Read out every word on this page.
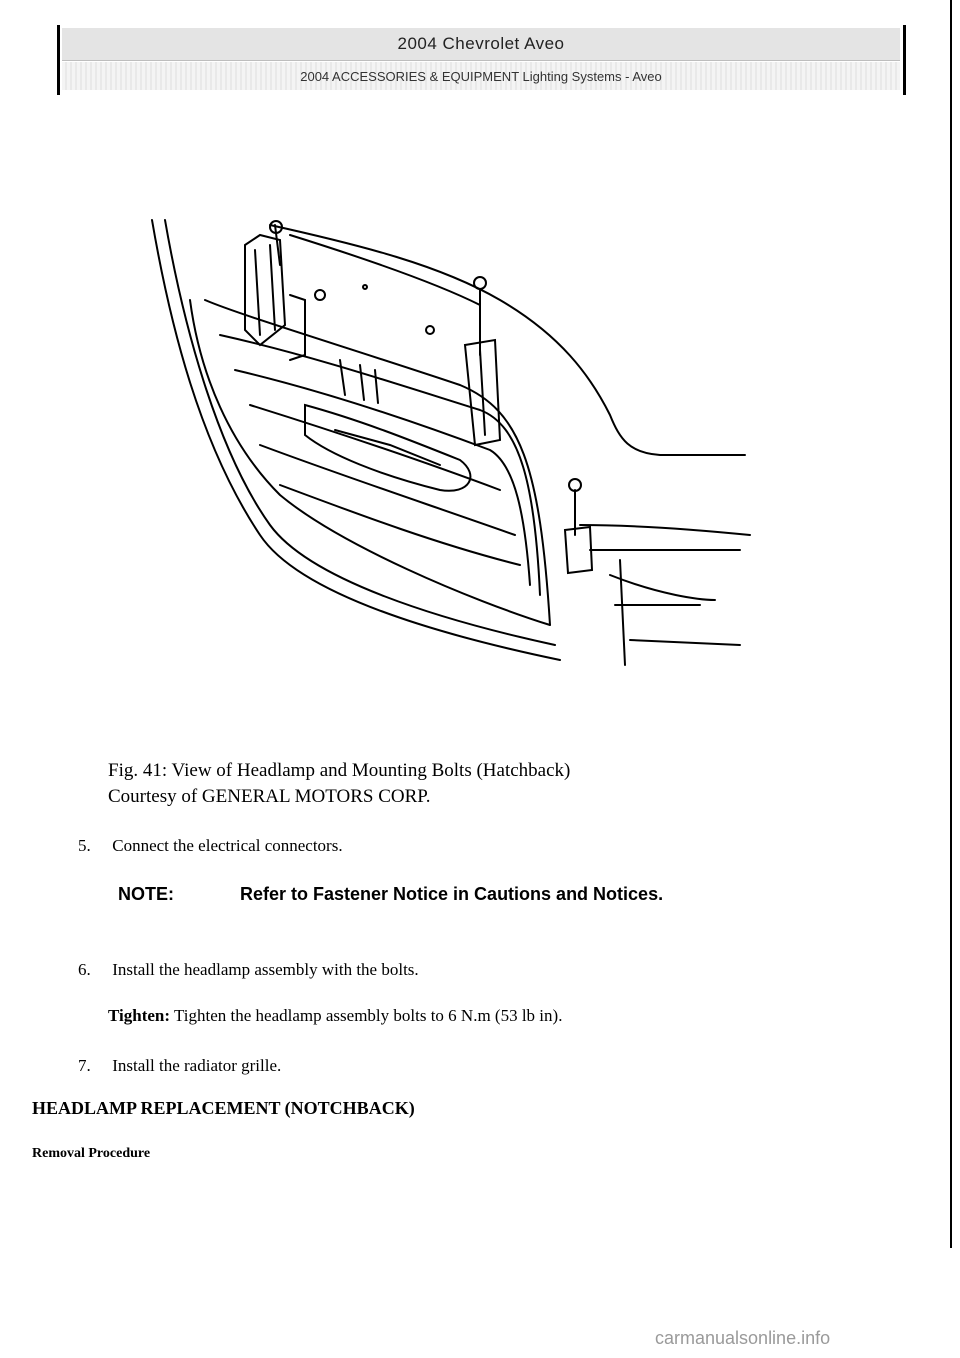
2004 Chevrolet Aveo
2004 ACCESSORIES & EQUIPMENT Lighting Systems - Aveo
Fig. 41: View of Headlamp and Mounting Bolts (Hatchback)
Courtesy of GENERAL MOTORS CORP.
5. Connect the electrical connectors.
NOTE:	Refer to Fastener Notice in Cautions and Notices.
6. Install the headlamp assembly with the bolts.
Tighten: Tighten the headlamp assembly bolts to 6 N.m (53 lb in).
7. Install the radiator grille.
HEADLAMP REPLACEMENT (NOTCHBACK)
Removal Procedure
carmanualsonline.info
